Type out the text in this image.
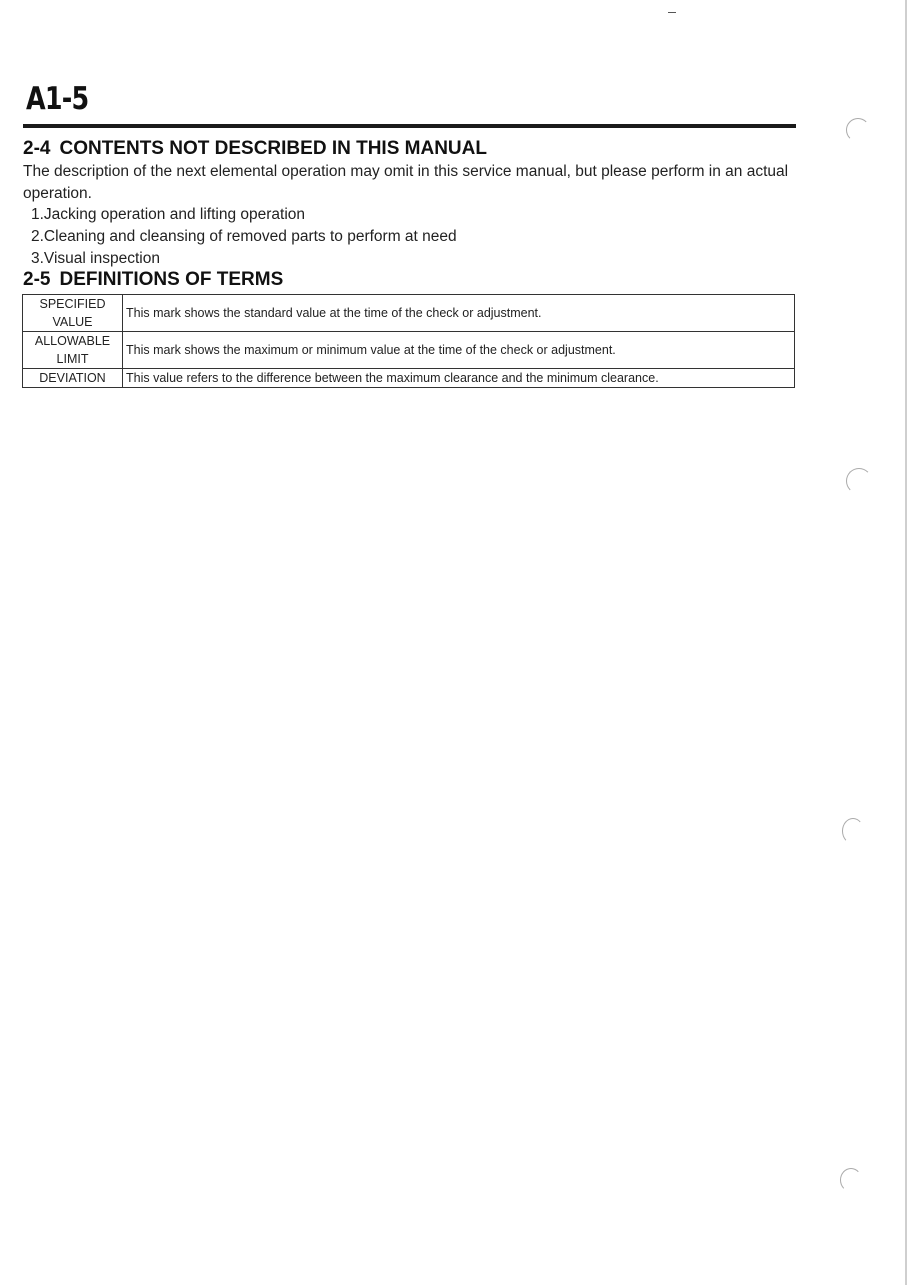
A1-5
2-4 CONTENTS NOT DESCRIBED IN THIS MANUAL
The description of the next elemental operation may omit in this service manual, but please perform in an actual operation.
1.Jacking operation and lifting operation
2.Cleaning and cleansing of removed parts to perform at need
3.Visual inspection
2-5 DEFINITIONS OF TERMS
SPECIFIED
VALUE	This mark shows the standard value at the time of the check or adjustment.

ALLOWABLE
LIMIT	This mark shows the maximum or minimum value at the time of the check or adjustment.

DEVIATION	This value refers to the difference between the maximum clearance and the minimum clearance.
